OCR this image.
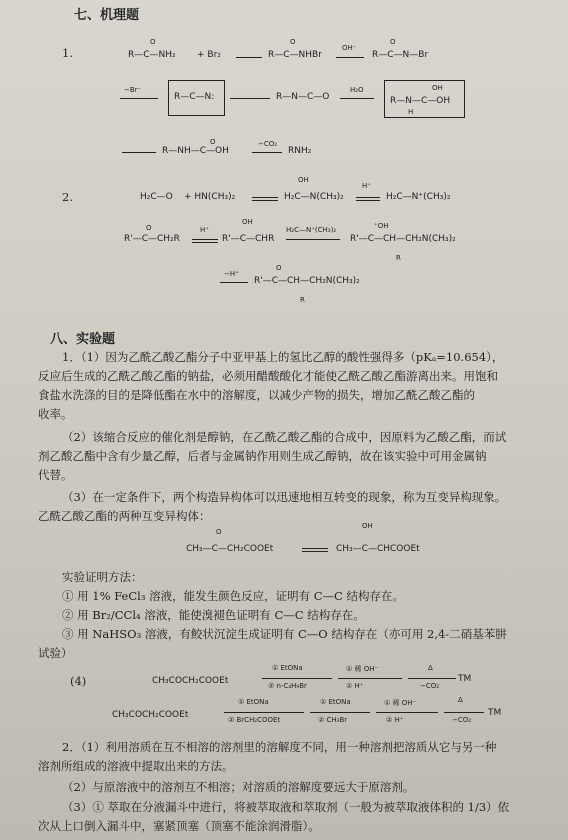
七、机理题
1.
O
R—C—NH₂ + Br₂
O
R—C—NHBr
OH⁻
O
R—C—N—Br
−Br⁻
R—C—N:	R—N—C—O
H₂O	OH
R—N—C—OH
H
O
R—NH—C—OH
−CO₂
RNH₂
2.	H₂C—O + HN(CH₃)₂
OH
H₂C—N(CH₃)₂
H⁺
H₂C—N⁺(CH₃)₂
O
R'—C—CH₂R
H⁺
OH
R'—C—CHR
H₂C—N⁺(CH₃)₂	⁺OH
R'—C—CH—CH₂N(CH₃)₂
R
−H⁺
O
R'—C—CH—CH₂N(CH₃)₂
R
八、实验题
1．（1）因为乙酰乙酸乙酯分子中亚甲基上的氢比乙醇的酸性强得多（pKₐ=10.654），
反应后生成的乙酰乙酸乙酯的钠盐，必须用醋酸酸化才能使乙酰乙酸乙酯游离出来。用饱和
食盐水洗涤的目的是降低酯在水中的溶解度，以减少产物的损失，增加乙酰乙酸乙酯的
收率。
（2）该缩合反应的催化剂是醇钠，在乙酰乙酸乙酯的合成中，因原料为乙酸乙酯，而试
剂乙酸乙酯中含有少量乙醇，后者与金属钠作用则生成乙醇钠，故在该实验中可用金属钠
代替。
（3）在一定条件下，两个构造异构体可以迅速地相互转变的现象，称为互变异构现象。
乙酰乙酸乙酯的两种互变异构体：
O
CH₃—C—CH₂COOEt
OH
CH₃—C—CHCOOEt
实验证明方法：
① 用 1% FeCl₃ 溶液，能发生颜色反应，证明有 C—C 结构存在。
② 用 Br₂/CCl₄ 溶液，能使溴褪色证明有 C—C 结构存在。
③ 用 NaHSO₃ 溶液，有鲛状沉淀生成证明有 C—O 结构存在（亦可用 2,4-二硝基苯肼
试验）
(4)	CH₃COCH₂COOEt
① EtONa
② n-C₄H₉Br
① 稀 OH⁻
② H⁺
Δ
−CO₂
TM
CH₃COCH₂COOEt
① EtONa
② BrCH₂COOEt
① EtONa
② CH₃Br
① 稀 OH⁻
② H⁺
Δ
−CO₂
TM
2．（1）利用溶质在互不相溶的溶剂里的溶解度不同，用一种溶剂把溶质从它与另一种
溶剂所组成的溶液中提取出来的方法。
（2）与原溶液中的溶剂互不相溶；对溶质的溶解度要远大于原溶剂。
（3）① 萃取在分液漏斗中进行，将被萃取液和萃取剂（一般为被萃取液体积的 1/3）依
次从上口倒入漏斗中，塞紧顶塞（顶塞不能涂润滑脂）。
